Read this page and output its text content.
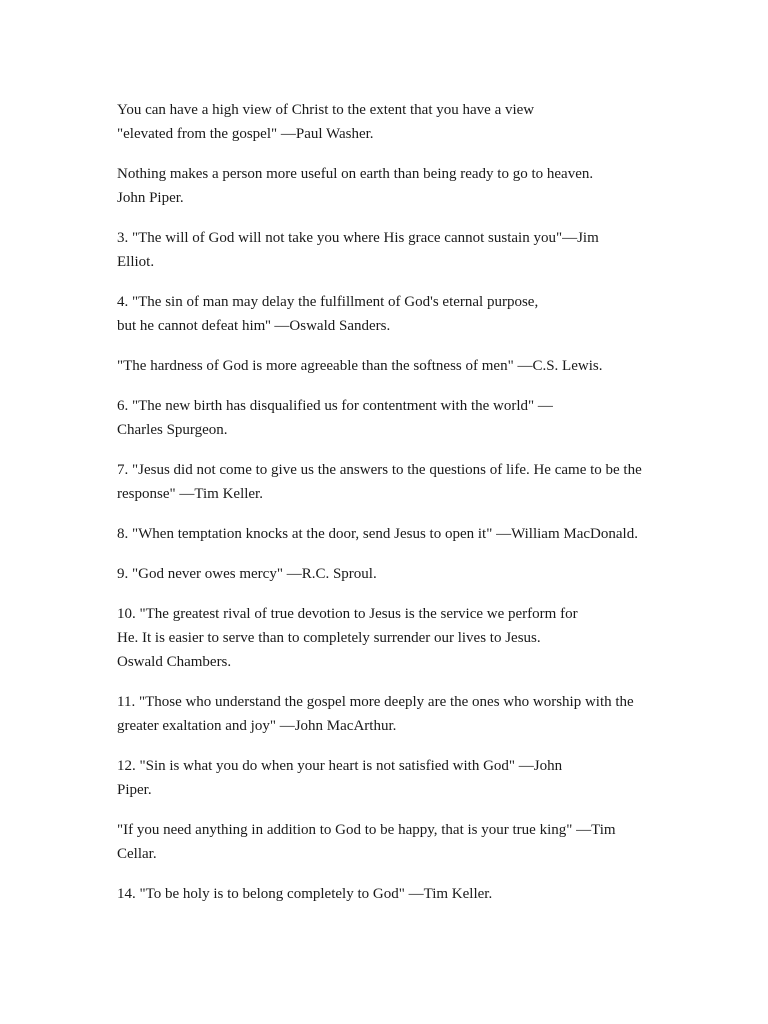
You can have a high view of Christ to the extent that you have a view
"elevated from the gospel" —Paul Washer.
Nothing makes a person more useful on earth than being ready to go to heaven.
John Piper.
3. "The will of God will not take you where His grace cannot sustain you"—Jim
Elliot.
4. "The sin of man may delay the fulfillment of God's eternal purpose,
but he cannot defeat him'' —Oswald Sanders.
"The hardness of God is more agreeable than the softness of men" —C.S. Lewis.
6. "The new birth has disqualified us for contentment with the world" —
Charles Spurgeon.
7. "Jesus did not come to give us the answers to the questions of life. He came to be the
response" —Tim Keller.
8. "When temptation knocks at the door, send Jesus to open it" —William MacDonald.
9. "God never owes mercy" —R.C. Sproul.
10. "The greatest rival of true devotion to Jesus is the service we perform for
He. It is easier to serve than to completely surrender our lives to Jesus.
Oswald Chambers.
11. "Those who understand the gospel more deeply are the ones who worship with the
greater exaltation and joy" —John MacArthur.
12. "Sin is what you do when your heart is not satisfied with God" —John
Piper.
"If you need anything in addition to God to be happy, that is your true king" —Tim
Cellar.
14. "To be holy is to belong completely to God" —Tim Keller.
